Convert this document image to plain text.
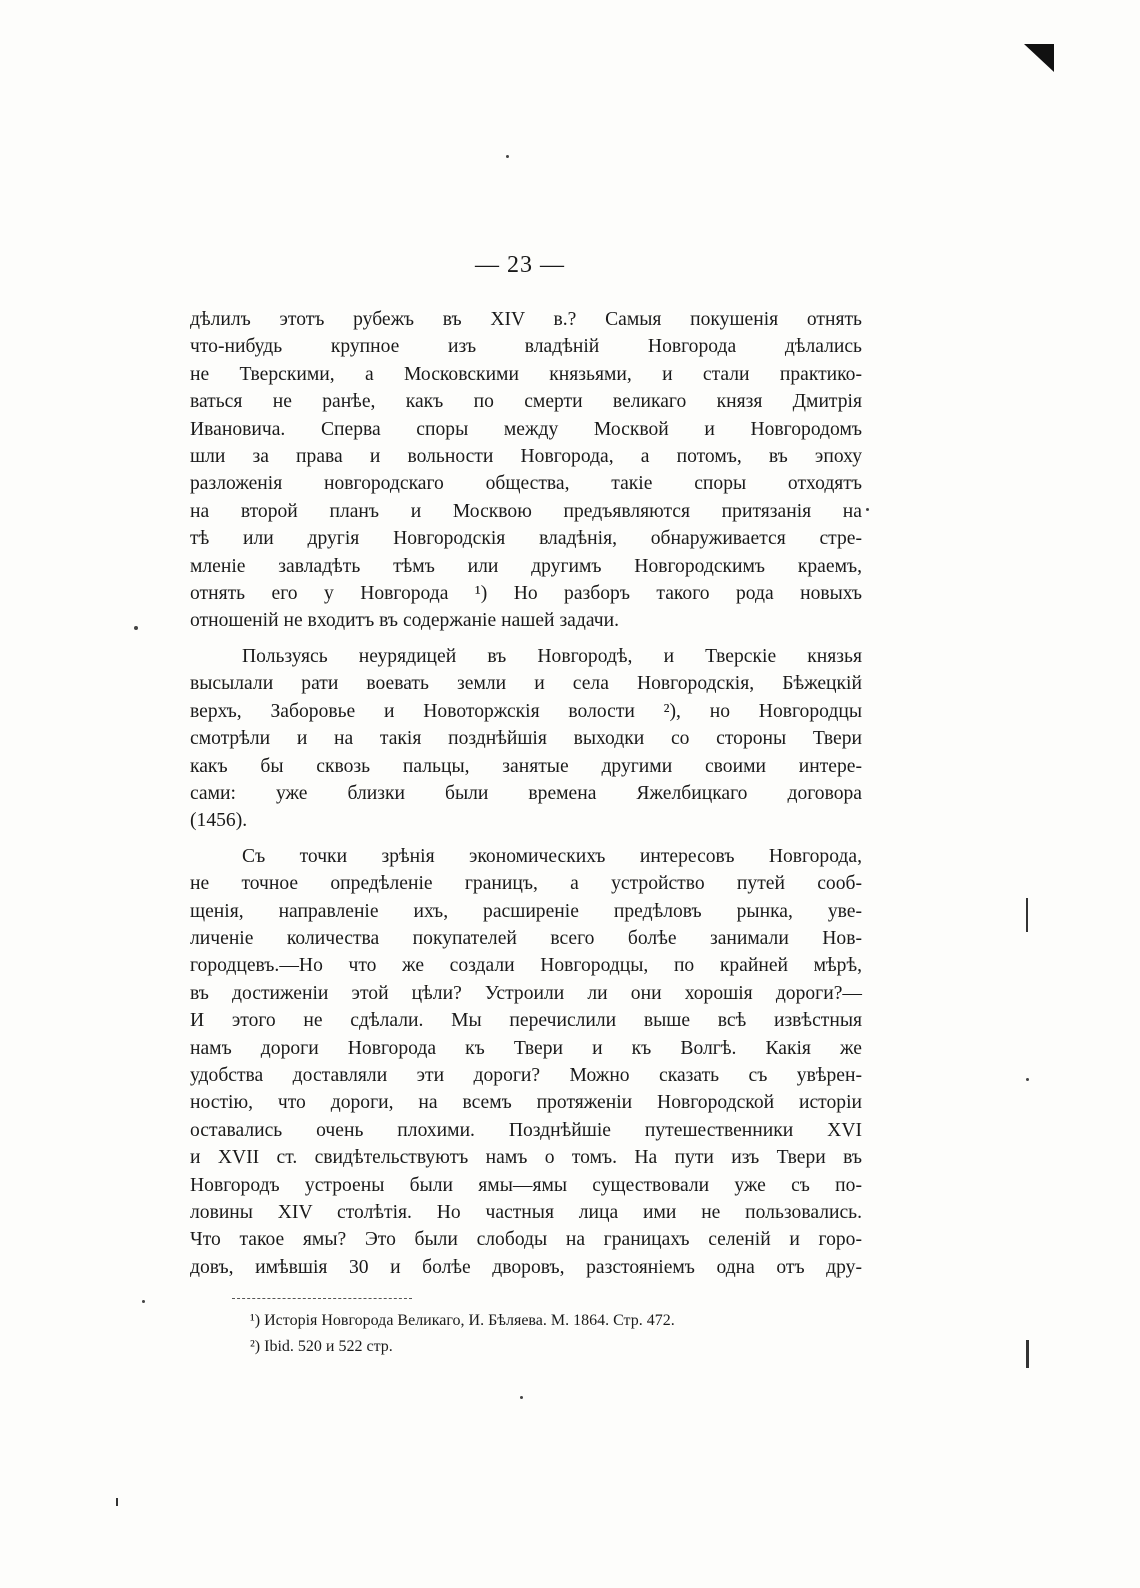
— 23 —
дѣлилъ этотъ рубежъ въ XIV в.? Самыя покушенія отнять
что-нибудь крупное изъ владѣній Новгорода дѣлались
не Тверскими, а Московскими князьями, и стали практико-
ваться не ранѣе, какъ по смерти великаго князя Дмитрія
Ивановича. Сперва споры между Москвой и Новгородомъ
шли за права и вольности Новгорода, а потомъ, въ эпоху
разложенія новгородскаго общества, такіе споры отходятъ
на второй планъ и Москвою предъявляются притязанія на
тѣ или другія Новгородскія владѣнія, обнаруживается стре-
мленіе завладѣть тѣмъ или другимъ Новгородскимъ краемъ,
отнять его у Новгорода ¹) Но разборъ такого рода новыхъ
отношеній не входитъ въ содержаніе нашей задачи.
Пользуясь неурядицей въ Новгородѣ, и Тверскіе князья
высылали рати воевать земли и села Новгородскія, Бѣжецкій
верхъ, Заборовье и Новоторжскія волости ²), но Новгородцы
смотрѣли и на такія позднѣйшія выходки со стороны Твери
какъ бы сквозь пальцы, занятые другими своими интере-
сами: уже близки были времена Яжелбицкаго договора
(1456).
Съ точки зрѣнія экономическихъ интересовъ Новгорода,
не точное опредѣленіе границъ, а устройство путей сооб-
щенія, направленіе ихъ, расширеніе предѣловъ рынка, уве-
личеніе количества покупателей всего болѣе занимали Нов-
городцевъ.—Но что же создали Новгородцы, по крайней мѣрѣ,
въ достиженіи этой цѣли? Устроили ли они хорошія дороги?—
И этого не сдѣлали. Мы перечислили выше всѣ извѣстныя
намъ дороги Новгорода къ Твери и къ Волгѣ. Какія же
удобства доставляли эти дороги? Можно сказать съ увѣрен-
ностію, что дороги, на всемъ протяженіи Новгородской исторіи
оставались очень плохими. Позднѣйшіе путешественники XVI
и XVII ст. свидѣтельствуютъ намъ о томъ. На пути изъ Твери въ
Новгородъ устроены были ямы—ямы существовали уже съ по-
ловины XIV столѣтія. Но частныя лица ими не пользовались.
Что такое ямы? Это были слободы на границахъ селеній и горо-
довъ, имѣвшія 30 и болѣе дворовъ, разстояніемъ одна отъ дру-
¹) Исторія Новгорода Великаго, И. Бѣляева. М. 1864. Стр. 472.
²) Ibid. 520 и 522 стр.
